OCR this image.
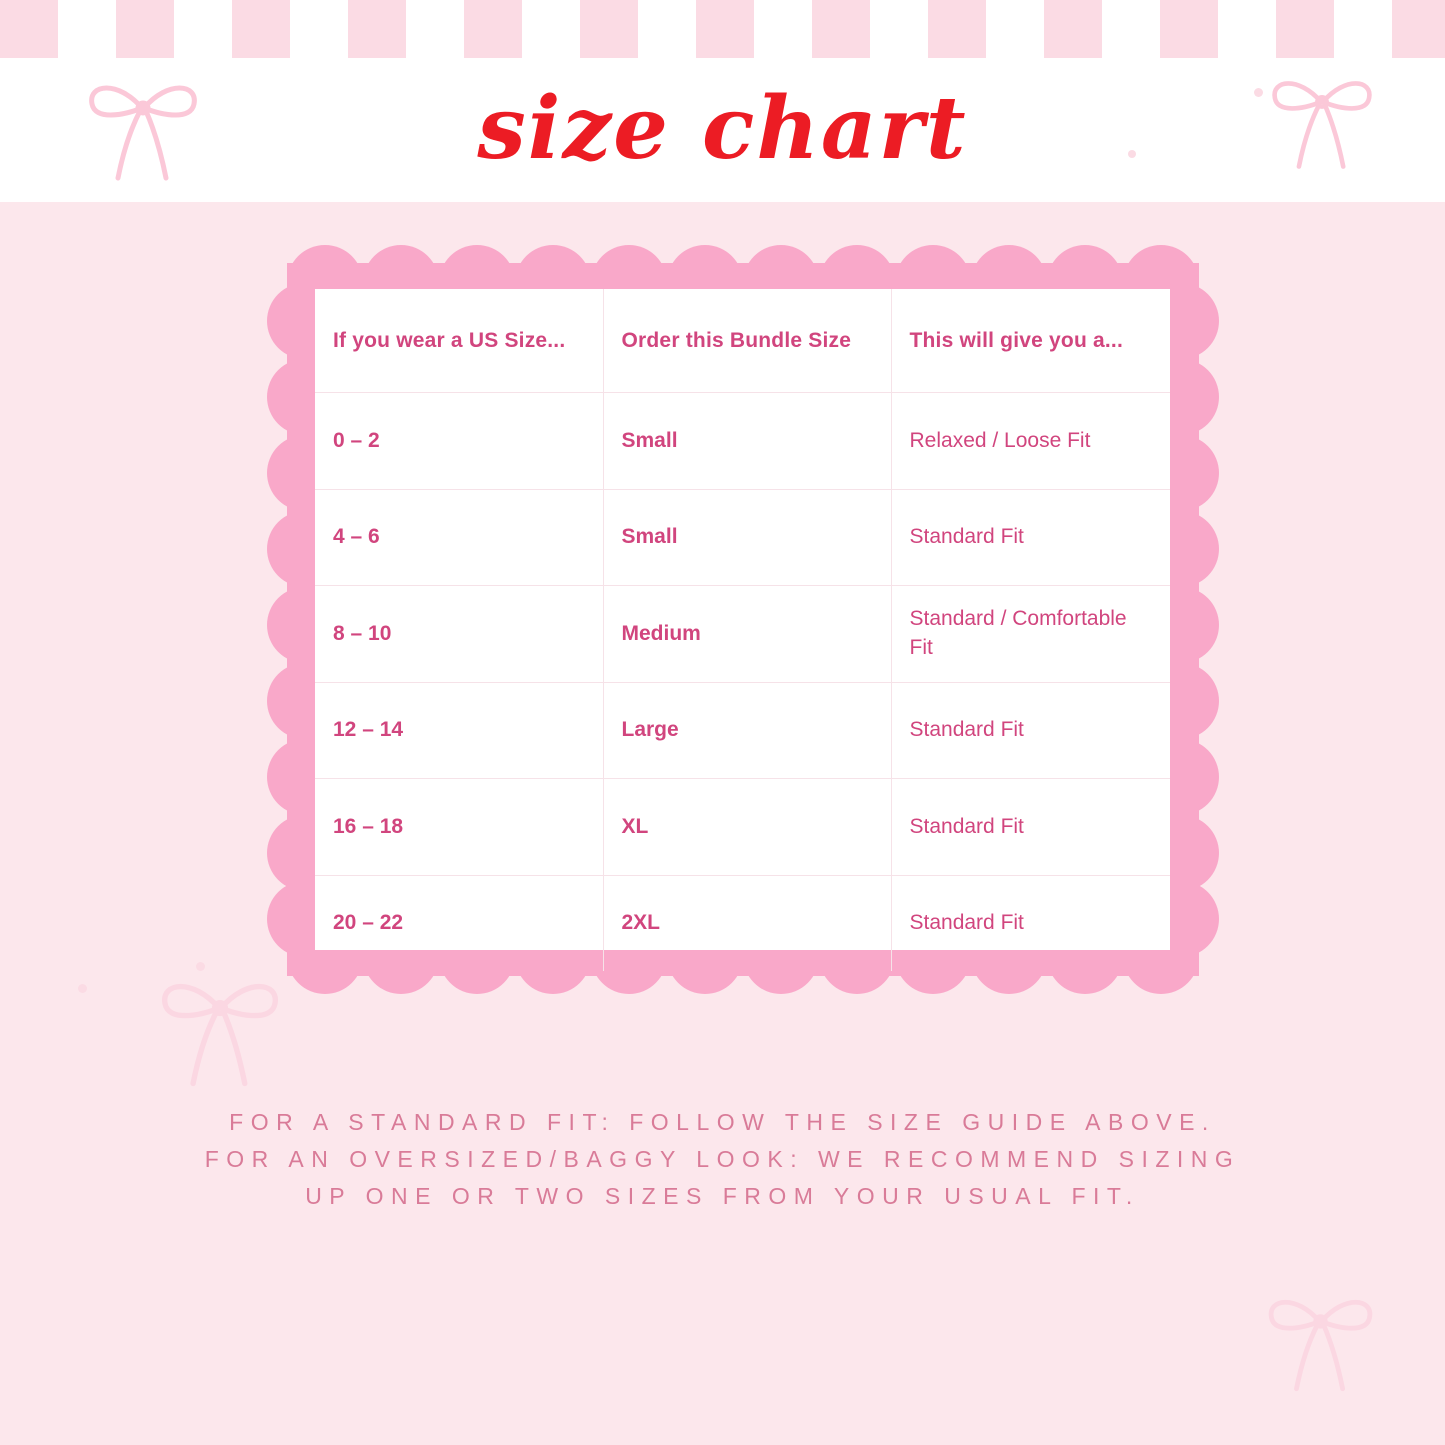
size chart
If you wear a US Size...	Order this Bundle Size	This will give you a...
0 – 2	Small	Relaxed / Loose Fit
4 – 6	Small	Standard Fit
8 – 10	Medium	Standard / Comfortable Fit
12 – 14	Large	Standard Fit
16 – 18	XL	Standard Fit
20 – 22	2XL	Standard Fit
FOR A STANDARD FIT: FOLLOW THE SIZE GUIDE ABOVE.
FOR AN OVERSIZED/BAGGY LOOK: WE RECOMMEND SIZING
UP ONE OR TWO SIZES FROM YOUR USUAL FIT.
